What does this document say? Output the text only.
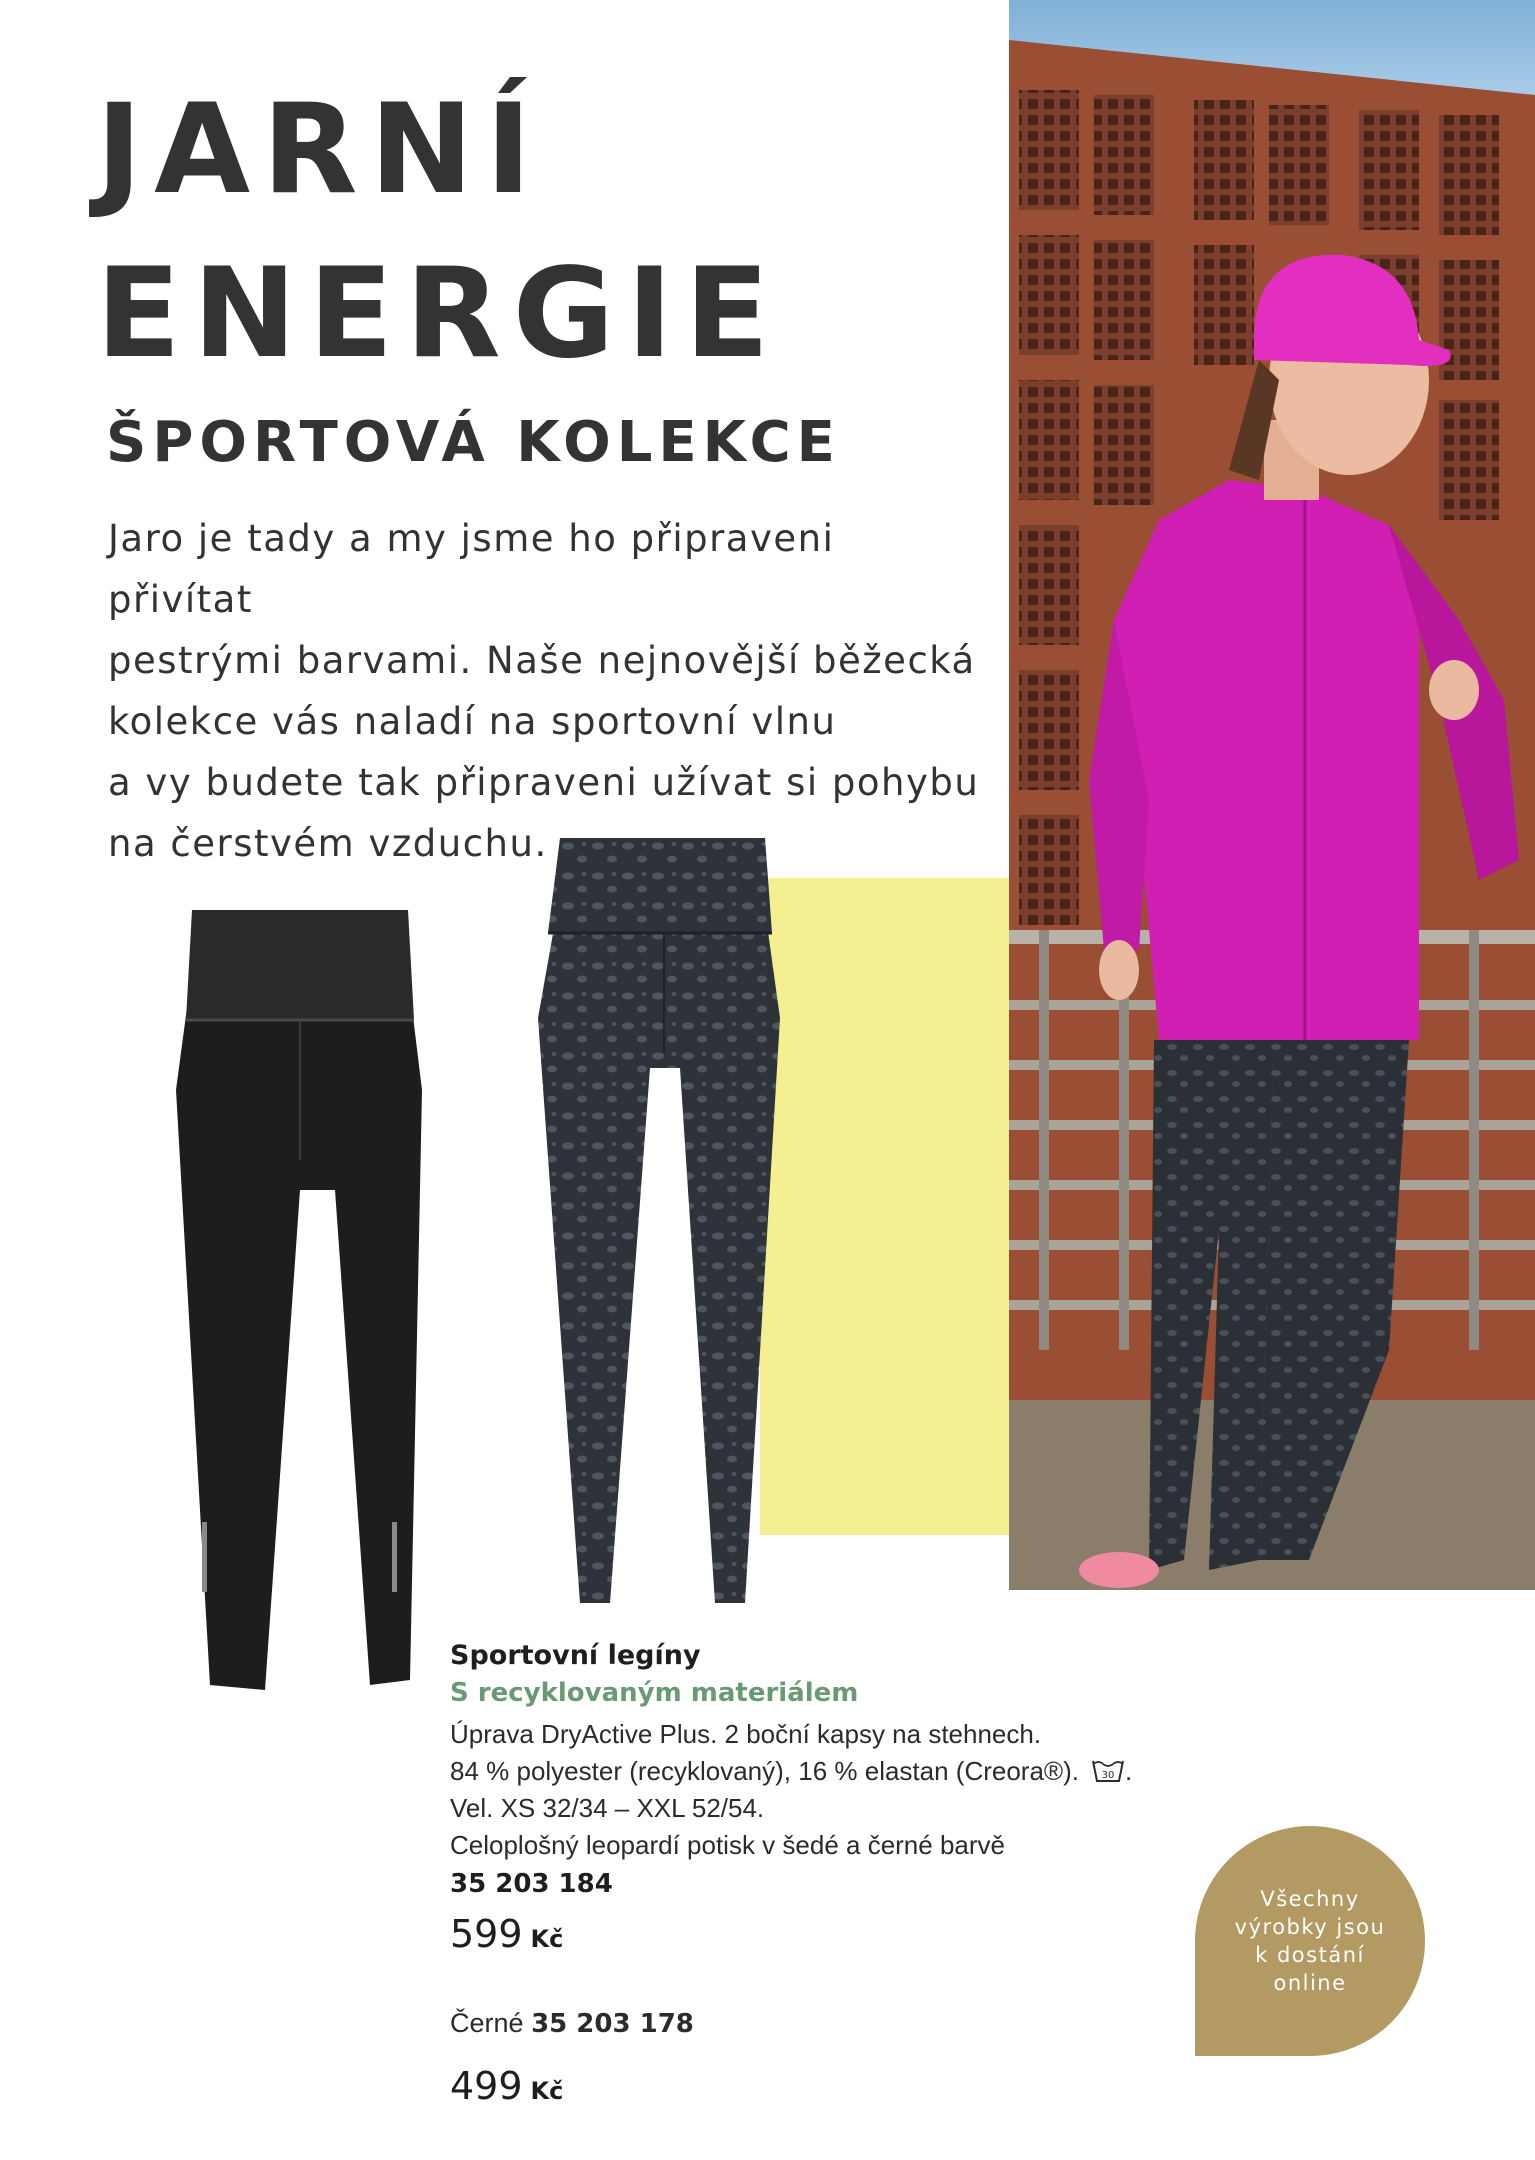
JARNÍ
ENERGIE
ŠPORTOVÁ KOLEKCE

Jaro je tady a my jsme ho připraveni přivítat

pestrými barvami. Naše nejnovější běžecká

kolekce vás naladí na sportovní vlnu

a vy budete tak připraveni užívat si pohybu

na čerstvém vzduchu.

Sportovní legíny
S recyklovaným materiálem
Úprava DryActive Plus. 2 boční kapsy na stehnech.
84 % polyester (recyklovaný), 16 % elastan (Creora®). 30 .
Vel. XS 32/34 – XXL 52/54.
Celoplošný leopardí potisk v šedé a černé barvě
35 203 184
599 Kč
Černé 35 203 178
499 Kč
Všechny výrobky jsou k dostání online
